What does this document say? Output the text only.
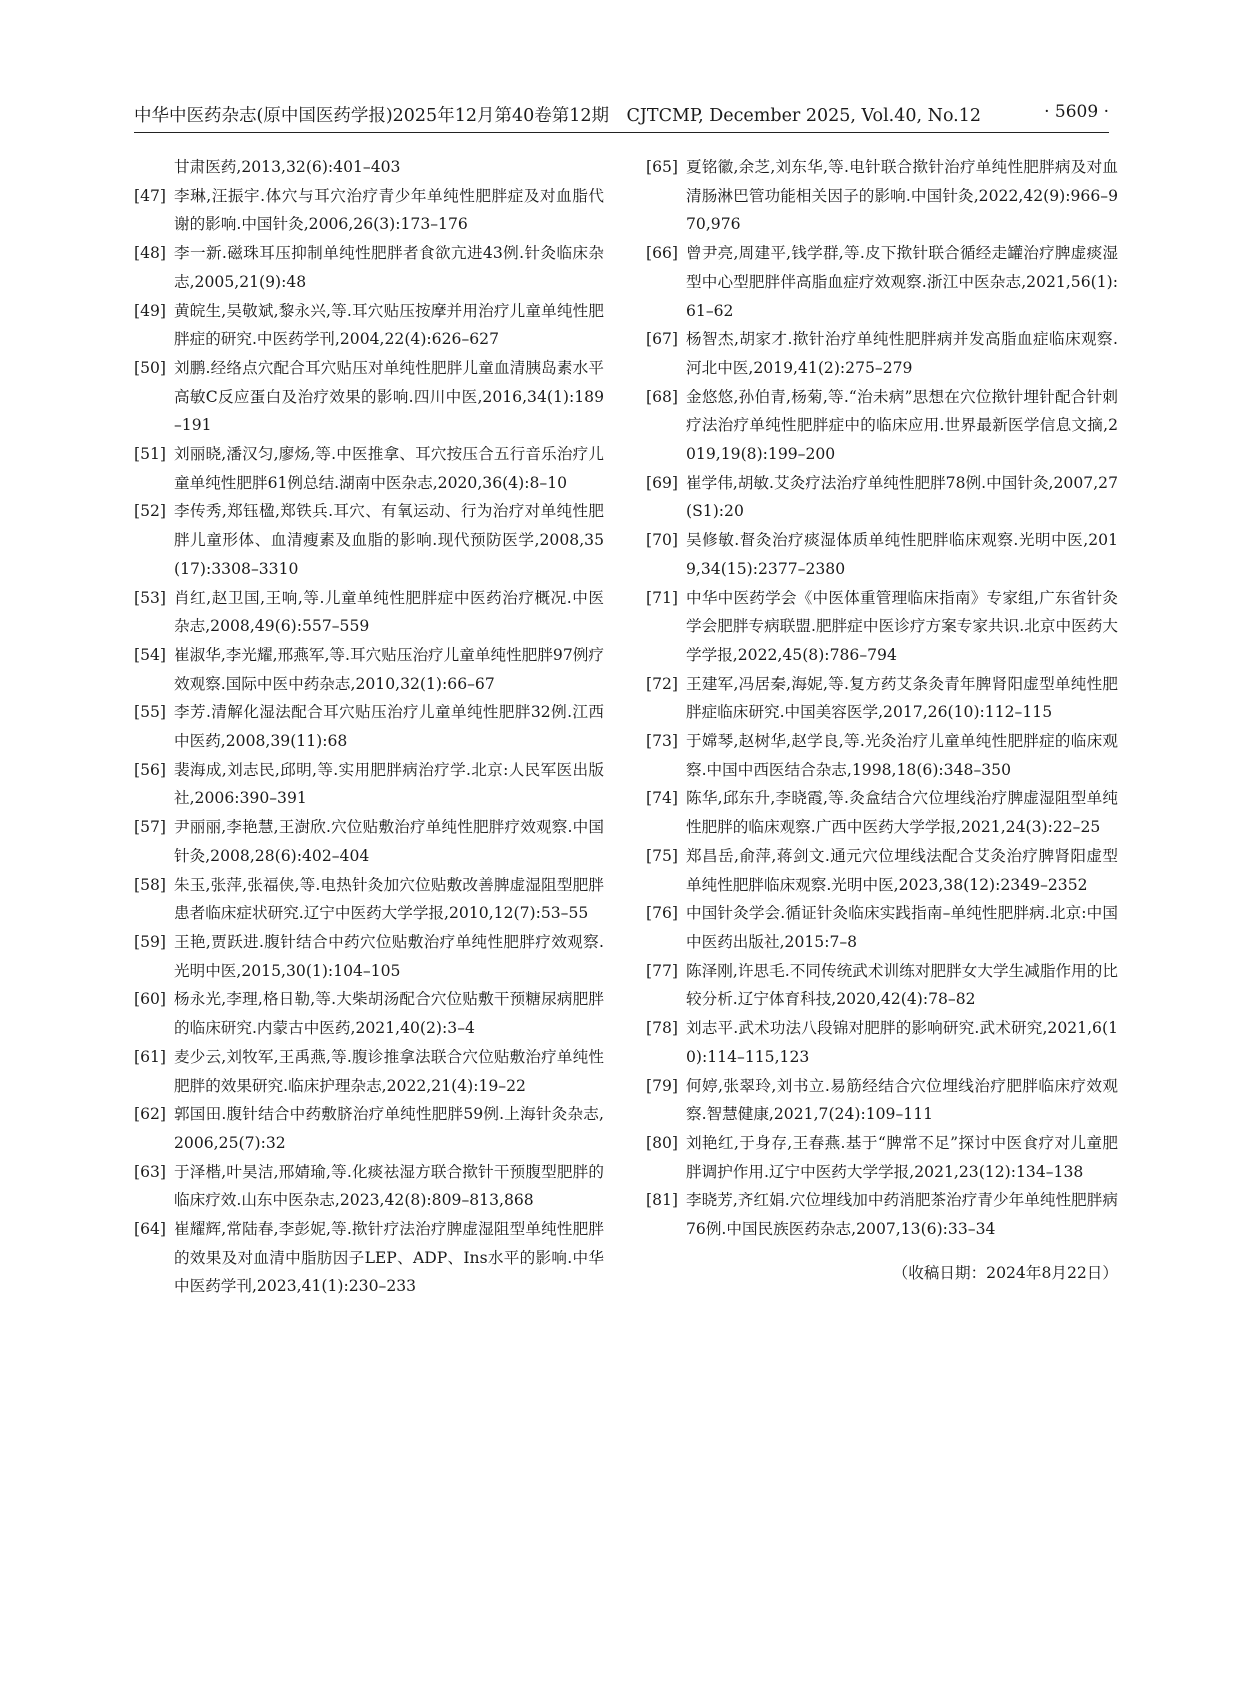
中华中医药杂志(原中国医药学报)2025年12月第40卷第12期　CJTCMP, December 2025, Vol.40, No.12	· 5609 ·

甘肃医药,2013,32(6):401–403

[47] 李琳,汪振宇.体穴与耳穴治疗青少年单纯性肥胖症及对血脂代谢的影响.中国针灸,2006,26(3):173–176

[48] 李一新.磁珠耳压抑制单纯性肥胖者食欲亢进43例.针灸临床杂志,2005,21(9):48

[49] 黄皖生,吴敬斌,黎永兴,等.耳穴贴压按摩并用治疗儿童单纯性肥胖症的研究.中医药学刊,2004,22(4):626–627

[50] 刘鹏.经络点穴配合耳穴贴压对单纯性肥胖儿童血清胰岛素水平高敏C反应蛋白及治疗效果的影响.四川中医,2016,34(1):189–191

[51] 刘丽晓,潘汉匀,廖炀,等.中医推拿、耳穴按压合五行音乐治疗儿童单纯性肥胖61例总结.湖南中医杂志,2020,36(4):8–10

[52] 李传秀,郑钰楹,郑铁兵.耳穴、有氧运动、行为治疗对单纯性肥胖儿童形体、血清瘦素及血脂的影响.现代预防医学,2008,35(17):3308–3310

[53] 肖红,赵卫国,王响,等.儿童单纯性肥胖症中医药治疗概况.中医杂志,2008,49(6):557–559

[54] 崔淑华,李光耀,邢燕军,等.耳穴贴压治疗儿童单纯性肥胖97例疗效观察.国际中医中药杂志,2010,32(1):66–67

[55] 李芳.清解化湿法配合耳穴贴压治疗儿童单纯性肥胖32例.江西中医药,2008,39(11):68

[56] 裴海成,刘志民,邱明,等.实用肥胖病治疗学.北京:人民军医出版社,2006:390–391

[57] 尹丽丽,李艳慧,王澍欣.穴位贴敷治疗单纯性肥胖疗效观察.中国针灸,2008,28(6):402–404

[58] 朱玉,张萍,张福侠,等.电热针灸加穴位贴敷改善脾虚湿阻型肥胖患者临床症状研究.辽宁中医药大学学报,2010,12(7):53–55

[59] 王艳,贾跃进.腹针结合中药穴位贴敷治疗单纯性肥胖疗效观察.光明中医,2015,30(1):104–105

[60] 杨永光,李理,格日勒,等.大柴胡汤配合穴位贴敷干预糖尿病肥胖的临床研究.内蒙古中医药,2021,40(2):3–4

[61] 麦少云,刘牧军,王禹燕,等.腹诊推拿法联合穴位贴敷治疗单纯性肥胖的效果研究.临床护理杂志,2022,21(4):19–22

[62] 郭国田.腹针结合中药敷脐治疗单纯性肥胖59例.上海针灸杂志,2006,25(7):32

[63] 于泽楷,叶昊洁,邢婧瑜,等.化痰祛湿方联合揿针干预腹型肥胖的临床疗效.山东中医杂志,2023,42(8):809–813,868

[64] 崔耀辉,常陆春,李彭妮,等.揿针疗法治疗脾虚湿阻型单纯性肥胖的效果及对血清中脂肪因子LEP、ADP、Ins水平的影响.中华中医药学刊,2023,41(1):230–233

[65] 夏铭徽,余芝,刘东华,等.电针联合揿针治疗单纯性肥胖病及对血清肠淋巴管功能相关因子的影响.中国针灸,2022,42(9):966–970,976

[66] 曾尹亮,周建平,钱学群,等.皮下揿针联合循经走罐治疗脾虚痰湿型中心型肥胖伴高脂血症疗效观察.浙江中医杂志,2021,56(1):61–62

[67] 杨智杰,胡家才.揿针治疗单纯性肥胖病并发高脂血症临床观察.河北中医,2019,41(2):275–279

[68] 金悠悠,孙伯青,杨菊,等.“治未病”思想在穴位揿针埋针配合针刺疗法治疗单纯性肥胖症中的临床应用.世界最新医学信息文摘,2019,19(8):199–200

[69] 崔学伟,胡敏.艾灸疗法治疗单纯性肥胖78例.中国针灸,2007,27(S1):20

[70] 吴修敏.督灸治疗痰湿体质单纯性肥胖临床观察.光明中医,2019,34(15):2377–2380

[71] 中华中医药学会《中医体重管理临床指南》专家组,广东省针灸学会肥胖专病联盟.肥胖症中医诊疗方案专家共识.北京中医药大学学报,2022,45(8):786–794

[72] 王建军,冯居秦,海妮,等.复方药艾条灸青年脾肾阳虚型单纯性肥胖症临床研究.中国美容医学,2017,26(10):112–115

[73] 于嫦琴,赵树华,赵学良,等.光灸治疗儿童单纯性肥胖症的临床观察.中国中西医结合杂志,1998,18(6):348–350

[74] 陈华,邱东升,李晓霞,等.灸盒结合穴位埋线治疗脾虚湿阻型单纯性肥胖的临床观察.广西中医药大学学报,2021,24(3):22–25

[75] 郑昌岳,俞萍,蒋剑文.通元穴位埋线法配合艾灸治疗脾肾阳虚型单纯性肥胖临床观察.光明中医,2023,38(12):2349–2352

[76] 中国针灸学会.循证针灸临床实践指南–单纯性肥胖病.北京:中国中医药出版社,2015:7–8

[77] 陈泽刚,许思毛.不同传统武术训练对肥胖女大学生减脂作用的比较分析.辽宁体育科技,2020,42(4):78–82

[78] 刘志平.武术功法八段锦对肥胖的影响研究.武术研究,2021,6(10):114–115,123

[79] 何婷,张翠玲,刘书立.易筋经结合穴位埋线治疗肥胖临床疗效观察.智慧健康,2021,7(24):109–111

[80] 刘艳红,于身存,王春燕.基于“脾常不足”探讨中医食疗对儿童肥胖调护作用.辽宁中医药大学学报,2021,23(12):134–138

[81] 李晓芳,齐红娟.穴位埋线加中药消肥茶治疗青少年单纯性肥胖病76例.中国民族医药杂志,2007,13(6):33–34

（收稿日期：2024年8月22日）
